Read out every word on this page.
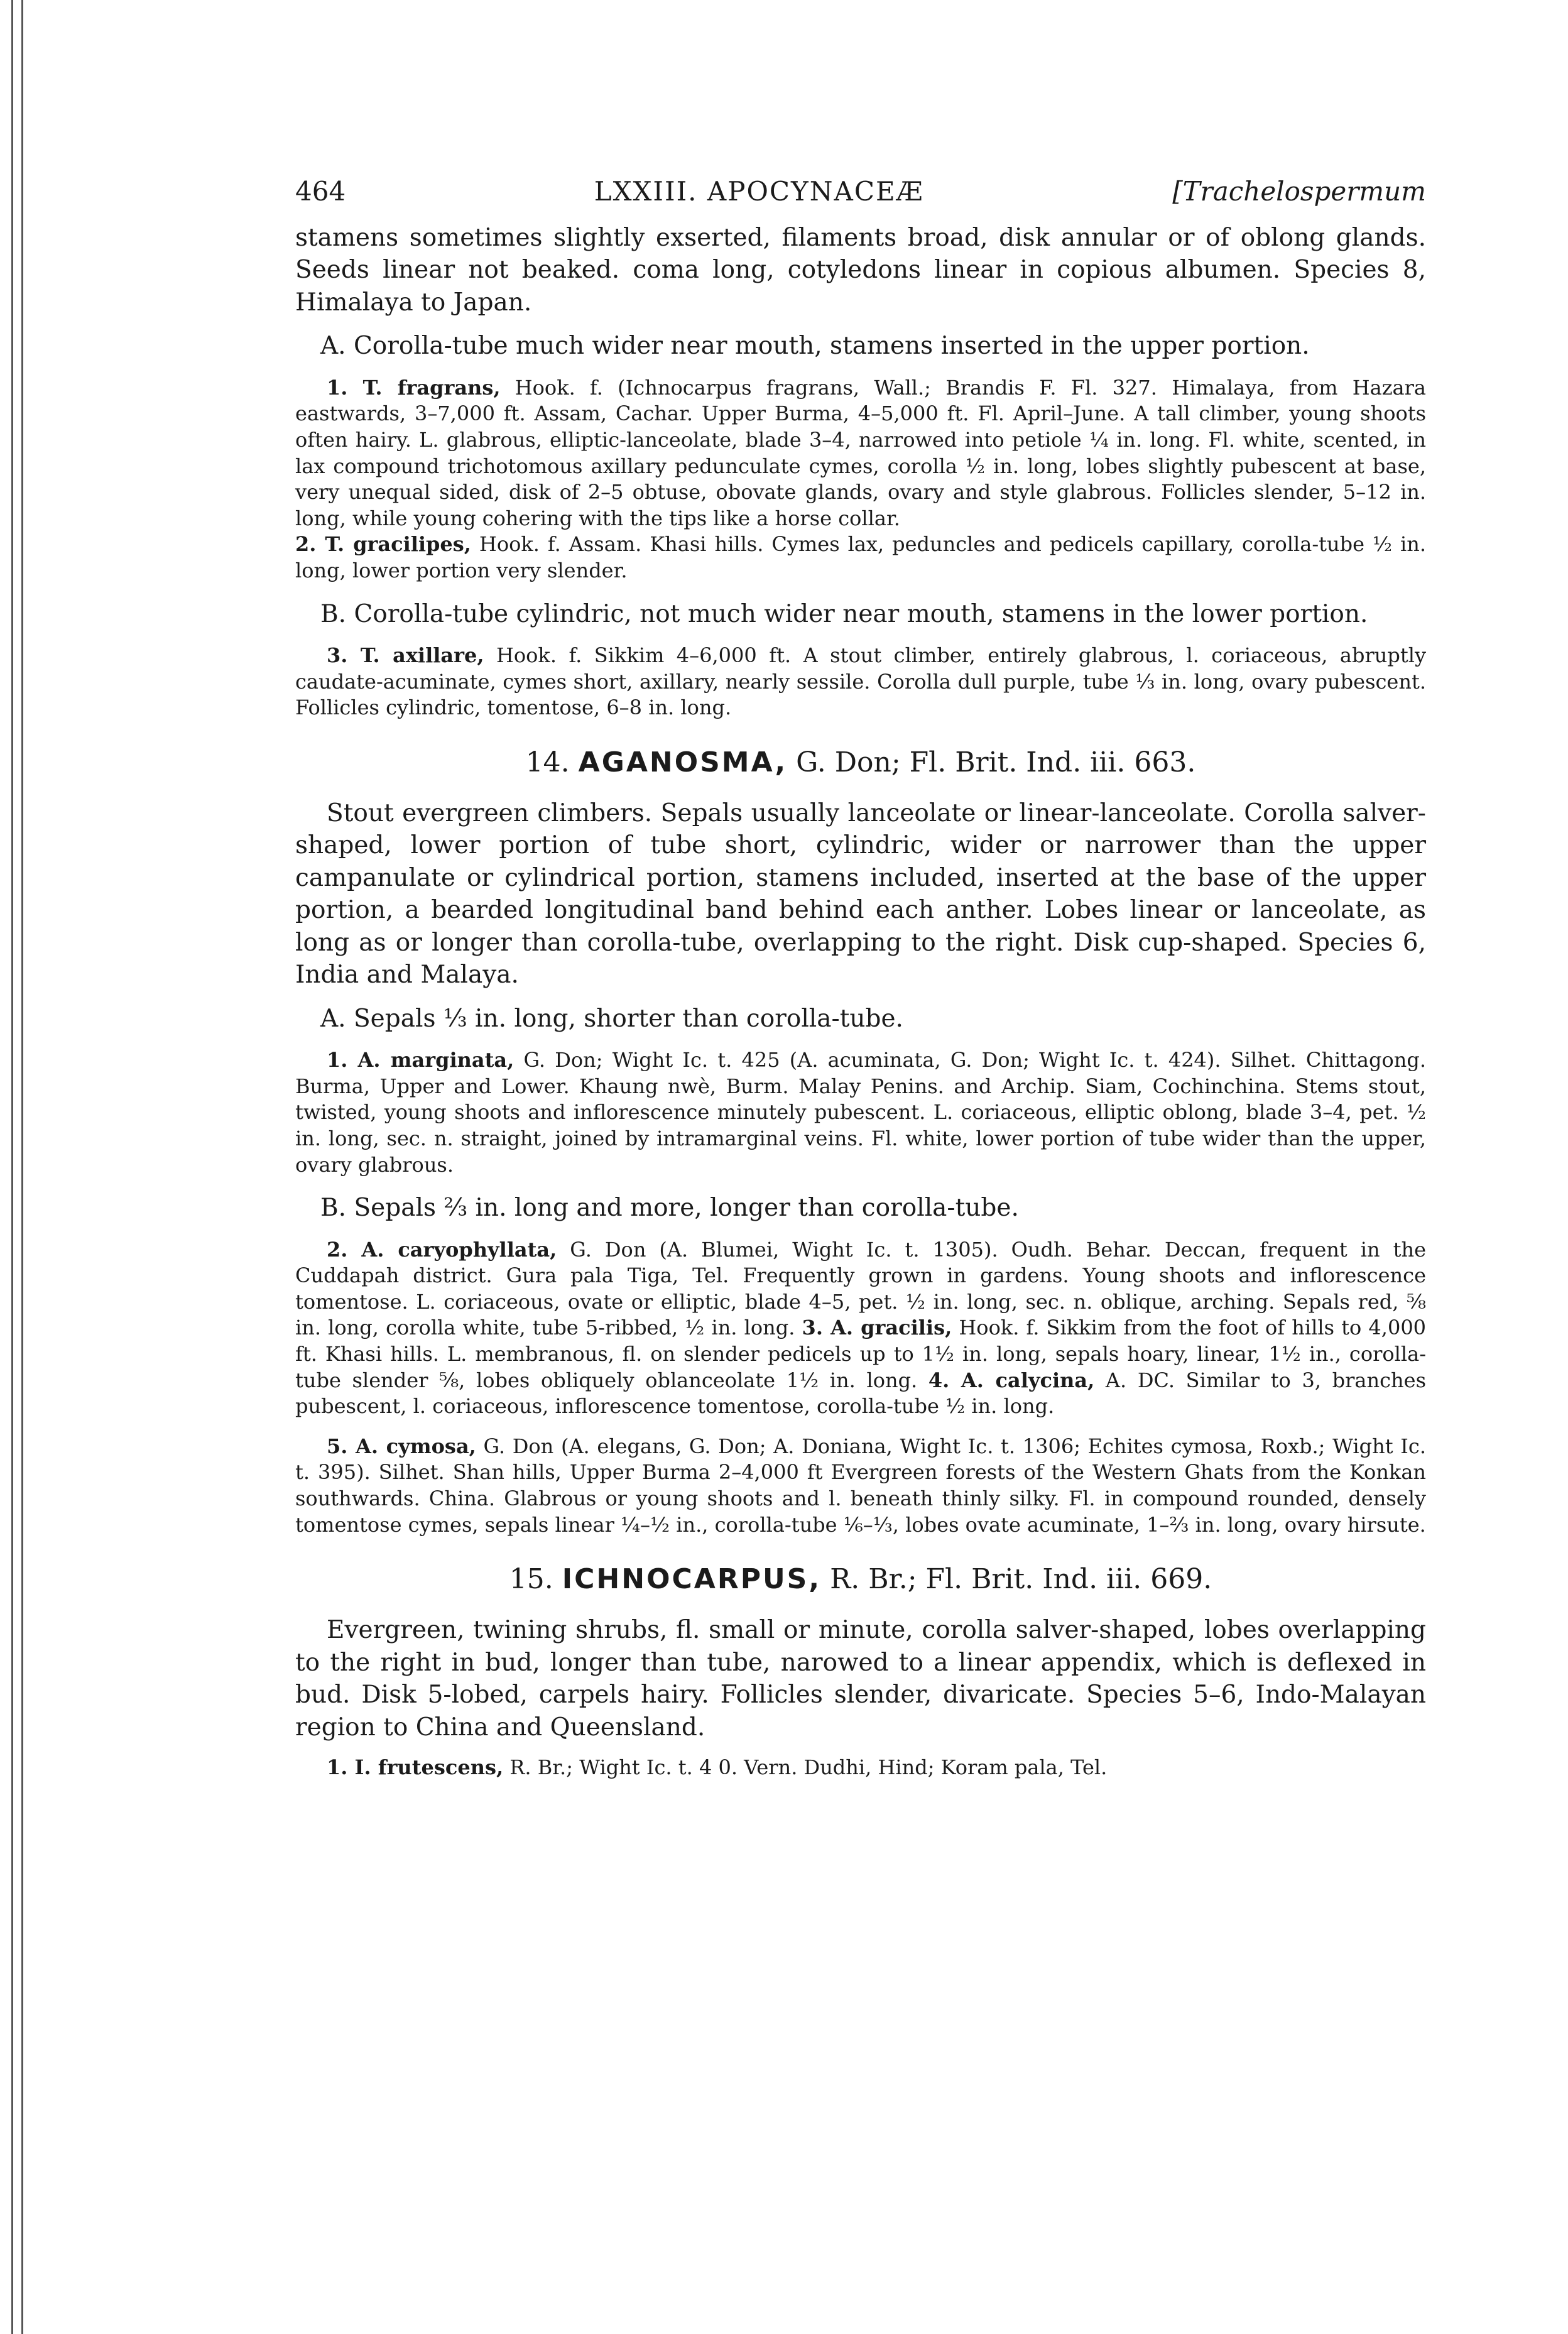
464	LXXIII. APOCYNACEÆ	[Trachelospermum

stamens sometimes slightly exserted, filaments broad, disk annular or of oblong glands. Seeds linear not beaked. coma long, cotyledons linear in copious albumen. Species 8, Himalaya to Japan.

A. Corolla-tube much wider near mouth, stamens inserted in the upper portion.

1. T. fragrans, Hook. f. (Ichnocarpus fragrans, Wall.; Brandis F. Fl. 327. Himalaya, from Hazara eastwards, 3–7,000 ft. Assam, Cachar. Upper Burma, 4–5,000 ft. Fl. April–June. A tall climber, young shoots often hairy. L. glabrous, elliptic-lanceolate, blade 3–4, narrowed into petiole ¼ in. long. Fl. white, scented, in lax compound trichotomous axillary pedunculate cymes, corolla ½ in. long, lobes slightly pubescent at base, very unequal sided, disk of 2–5 obtuse, obovate glands, ovary and style glabrous. Follicles slender, 5–12 in. long, while young cohering with the tips like a horse collar.
2. T. gracilipes, Hook. f. Assam. Khasi hills. Cymes lax, peduncles and pedicels capillary, corolla-tube ½ in. long, lower portion very slender.

B. Corolla-tube cylindric, not much wider near mouth, stamens in the lower portion.

3. T. axillare, Hook. f. Sikkim 4–6,000 ft. A stout climber, entirely glabrous, l. coriaceous, abruptly caudate-acuminate, cymes short, axillary, nearly sessile. Corolla dull purple, tube ⅓ in. long, ovary pubescent. Follicles cylindric, tomentose, 6–8 in. long.

14. AGANOSMA, G. Don; Fl. Brit. Ind. iii. 663.

Stout evergreen climbers. Sepals usually lanceolate or linear-lanceolate. Corolla salver-shaped, lower portion of tube short, cylindric, wider or narrower than the upper campanulate or cylindrical portion, stamens included, inserted at the base of the upper portion, a bearded longitudinal band behind each anther. Lobes linear or lanceolate, as long as or longer than corolla-tube, overlapping to the right. Disk cup-shaped. Species 6, India and Malaya.

A. Sepals ⅓ in. long, shorter than corolla-tube.

1. A. marginata, G. Don; Wight Ic. t. 425 (A. acuminata, G. Don; Wight Ic. t. 424). Silhet. Chittagong. Burma, Upper and Lower. Khaung nwè, Burm. Malay Penins. and Archip. Siam, Cochinchina. Stems stout, twisted, young shoots and inflorescence minutely pubescent. L. coriaceous, elliptic oblong, blade 3–4, pet. ½ in. long, sec. n. straight, joined by intramarginal veins. Fl. white, lower portion of tube wider than the upper, ovary glabrous.

B. Sepals ⅔ in. long and more, longer than corolla-tube.

2. A. caryophyllata, G. Don (A. Blumei, Wight Ic. t. 1305). Oudh. Behar. Deccan, frequent in the Cuddapah district. Gura pala Tiga, Tel. Frequently grown in gardens. Young shoots and inflorescence tomentose. L. coriaceous, ovate or elliptic, blade 4–5, pet. ½ in. long, sec. n. oblique, arching. Sepals red, ⅝ in. long, corolla white, tube 5-ribbed, ½ in. long. 3. A. gracilis, Hook. f. Sikkim from the foot of hills to 4,000 ft. Khasi hills. L. membranous, fl. on slender pedicels up to 1½ in. long, sepals hoary, linear, 1½ in., corolla-tube slender ⅝, lobes obliquely oblanceolate 1½ in. long. 4. A. calycina, A. DC. Similar to 3, branches pubescent, l. coriaceous, inflorescence tomentose, corolla-tube ½ in. long.

5. A. cymosa, G. Don (A. elegans, G. Don; A. Doniana, Wight Ic. t. 1306; Echites cymosa, Roxb.; Wight Ic. t. 395). Silhet. Shan hills, Upper Burma 2–4,000 ft Evergreen forests of the Western Ghats from the Konkan southwards. China. Glabrous or young shoots and l. beneath thinly silky. Fl. in compound rounded, densely tomentose cymes, sepals linear ¼–½ in., corolla-tube ⅙–⅓, lobes ovate acuminate, 1–⅔ in. long, ovary hirsute.

15. ICHNOCARPUS, R. Br.; Fl. Brit. Ind. iii. 669.

Evergreen, twining shrubs, fl. small or minute, corolla salver-shaped, lobes overlapping to the right in bud, longer than tube, narowed to a linear appendix, which is deflexed in bud. Disk 5-lobed, carpels hairy. Follicles slender, divaricate. Species 5–6, Indo-Malayan region to China and Queensland.

1. I. frutescens, R. Br.; Wight Ic. t. 4 0. Vern. Dudhi, Hind; Koram pala, Tel.
